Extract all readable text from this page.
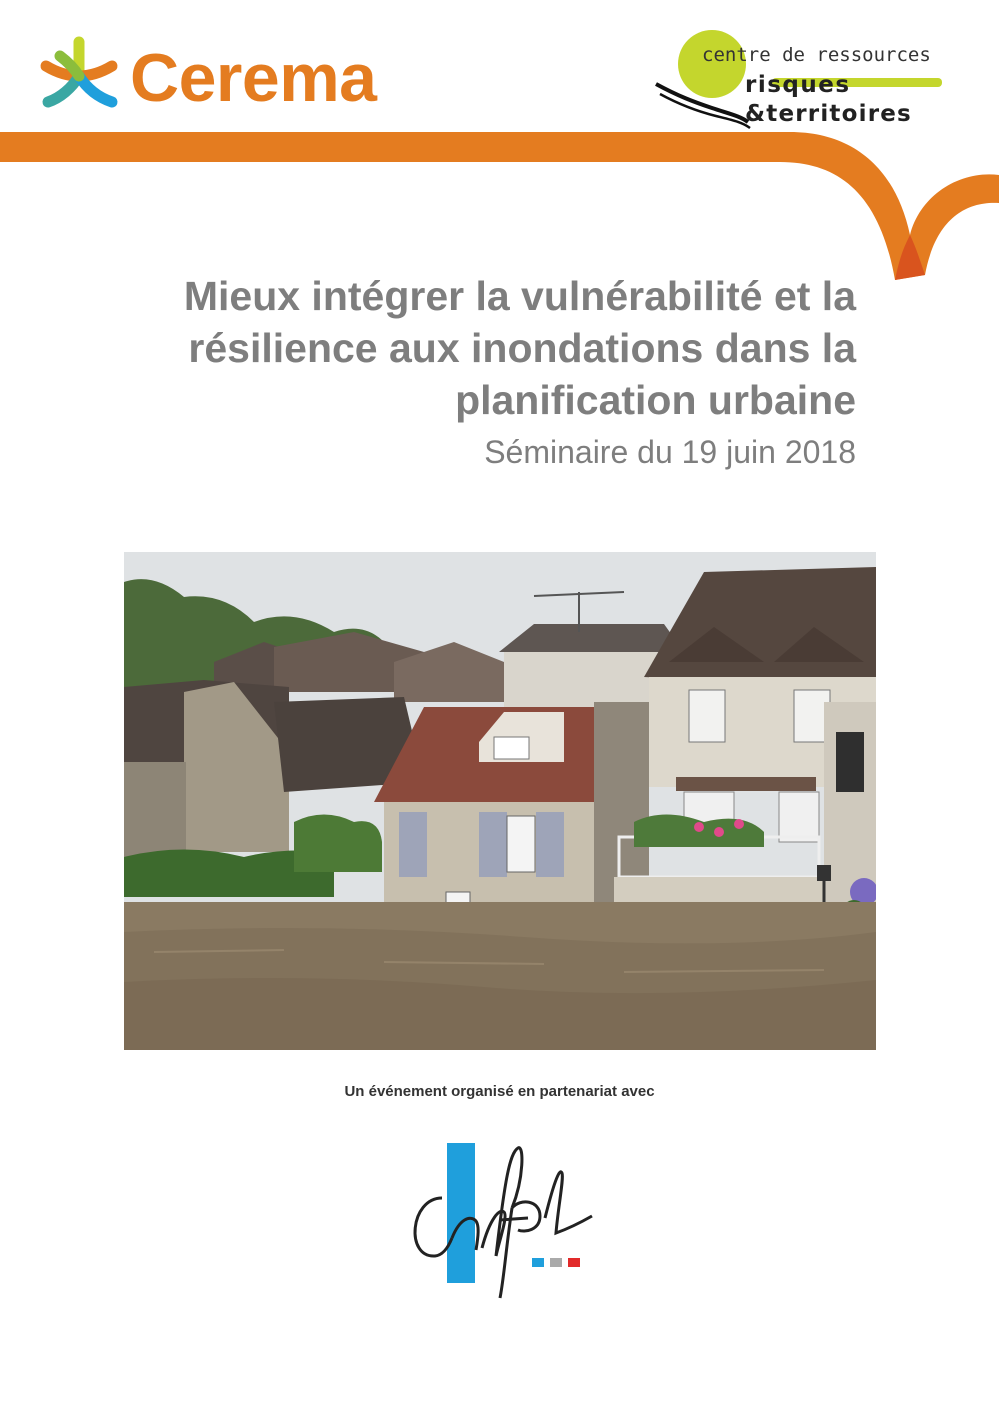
Cerema	centre de ressources
risques
&territoires
Mieux intégrer la vulnérabilité et la résilience aux inondations dans la planification urbaine
Séminaire du 19 juin 2018
Un événement organisé en partenariat avec
